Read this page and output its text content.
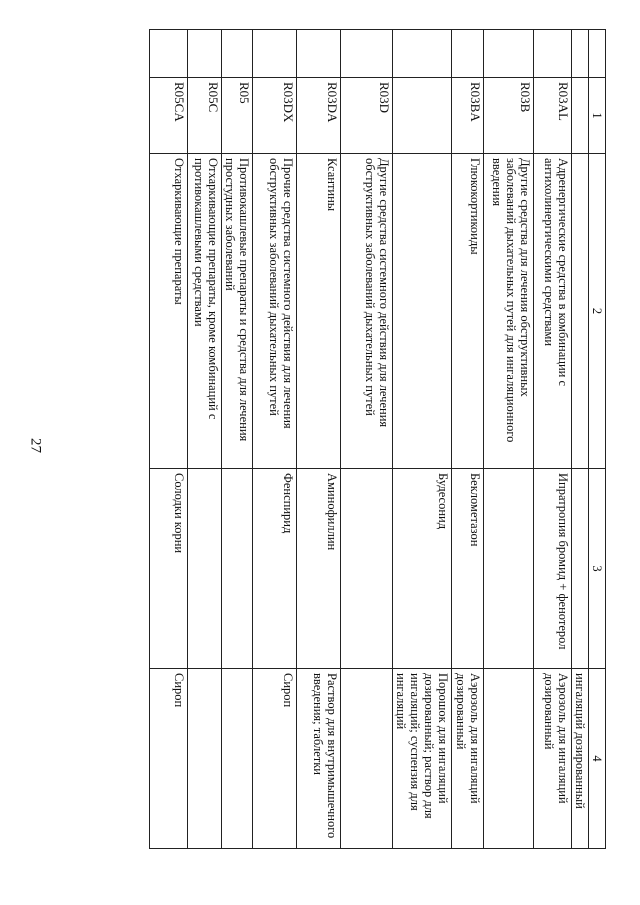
27
	1	2	3	4
				ингаляций дозированный
	R03AL	Адренергические средства в комбинации с антихолинергическими средствами	Ипратропия бромид + фенотерол	Аэрозоль для ингаляций дозированный
	R03B	Другие средства для лечения обструктивных заболеваний дыхательных путей для ингаляционного введения		
	R03BA	Глюкокортикоиды	Беклометазон	Аэрозоль для ингаляций дозированный
			Будесонид	Порошок для ингаляций дозированный; раствор для ингаляций; суспензия для ингаляций
	R03D	Другие средства системного действия для лечения обструктивных заболеваний дыхательных путей		
	R03DA	Ксантины	Аминофиллин	Раствор для внутримышечного введения; таблетки
	R03DX	Прочие средства системного действия для лечения обструктивных заболеваний дыхательных путей	Фенспирид	Сироп
	R05	Противокашлевые препараты и средства для лечения простудных заболеваний		
	R05C	Отхаркивающие препараты, кроме комбинаций с противокашлевыми средствами		
	R05CA	Отхаркивающие препараты	Солодки корни	Сироп
